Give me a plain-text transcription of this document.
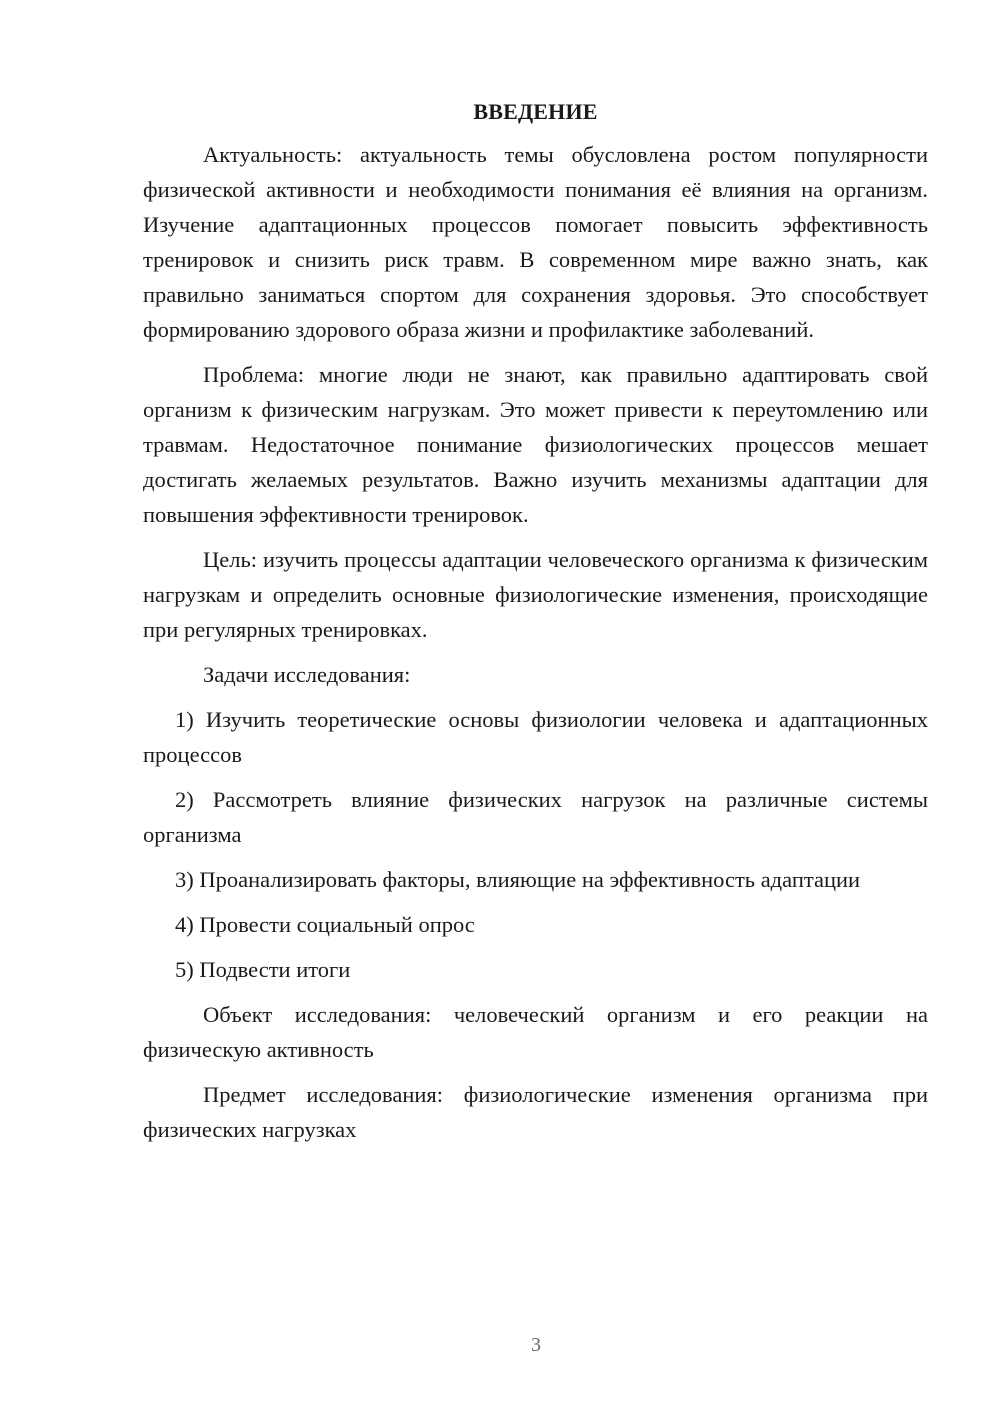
ВВЕДЕНИЕ

Актуальность: актуальность темы обусловлена ростом популярности физической активности и необходимости понимания её влияния на организм. Изучение адаптационных процессов помогает повысить эффективность тренировок и снизить риск травм. В современном мире важно знать, как правильно заниматься спортом для сохранения здоровья. Это способствует формированию здорового образа жизни и профилактике заболеваний.

Проблема: многие люди не знают, как правильно адаптировать свой организм к физическим нагрузкам. Это может привести к переутомлению или травмам. Недостаточное понимание физиологических процессов мешает достигать желаемых результатов. Важно изучить механизмы адаптации для повышения эффективности тренировок.

Цель: изучить процессы адаптации человеческого организма к физическим нагрузкам и определить основные физиологические изменения, происходящие при регулярных тренировках.

Задачи исследования:

1) Изучить теоретические основы физиологии человека и адаптационных процессов

2) Рассмотреть влияние физических нагрузок на различные системы организма

3) Проанализировать факторы, влияющие на эффективность адаптации

4) Провести социальный опрос

5) Подвести итоги

Объект исследования: человеческий организм и его реакции на физическую активность

Предмет исследования: физиологические изменения организма при физических нагрузках

3
